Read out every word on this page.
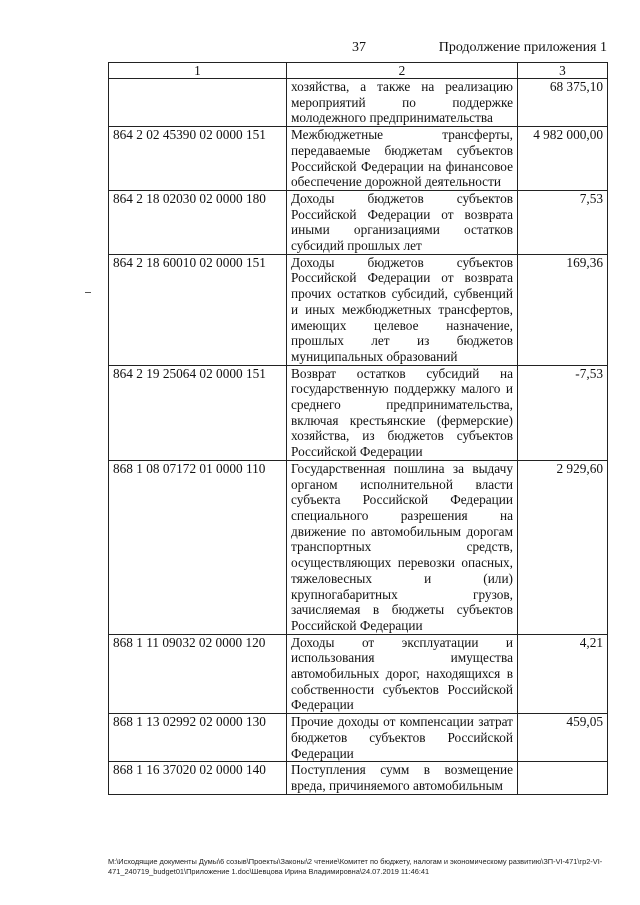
37	Продолжение приложения 1
1	2	3
	хозяйства, а также на реализацию мероприятий по поддержке молодежного предпринимательства	68 375,10
864 2 02 45390 02 0000 151	Межбюджетные трансферты, передаваемые бюджетам субъектов Российской Федерации на финансовое обеспечение дорожной деятельности	4 982 000,00
864 2 18 02030 02 0000 180	Доходы бюджетов субъектов Российской Федерации от возврата иными организациями остатков субсидий прошлых лет	7,53
864 2 18 60010 02 0000 151	Доходы бюджетов субъектов Российской Федерации от возврата прочих остатков субсидий, субвенций и иных межбюджетных трансфертов, имеющих целевое назначение, прошлых лет из бюджетов муниципальных образований	169,36
864 2 19 25064 02 0000 151	Возврат остатков субсидий на государственную поддержку малого и среднего предпринимательства, включая крестьянские (фермерские) хозяйства, из бюджетов субъектов Российской Федерации	-7,53
868 1 08 07172 01 0000 110	Государственная пошлина за выдачу органом исполнительной власти субъекта Российской Федерации специального разрешения на движение по автомобильным дорогам транспортных средств, осуществляющих перевозки опасных, тяжеловесных и (или) крупногабаритных грузов, зачисляемая в бюджеты субъектов Российской Федерации	2 929,60
868 1 11 09032 02 0000 120	Доходы от эксплуатации и использования имущества автомобильных дорог, находящихся в собственности субъектов Российской Федерации	4,21
868 1 13 02992 02 0000 130	Прочие доходы от компенсации затрат бюджетов субъектов Российской Федерации	459,05
868 1 16 37020 02 0000 140	Поступления сумм в возмещение вреда, причиняемого автомобильным	
M:\Исходящие документы Думы\6 созыв\Проекты\Законы\2 чтение\Комитет по бюджету, налогам и экономическому развитию\ЗП-VI-471\гр2-VI-471_240719_budget01\Приложение 1.doc\Шевцова Ирина Владимировна\24.07.2019 11:46:41
